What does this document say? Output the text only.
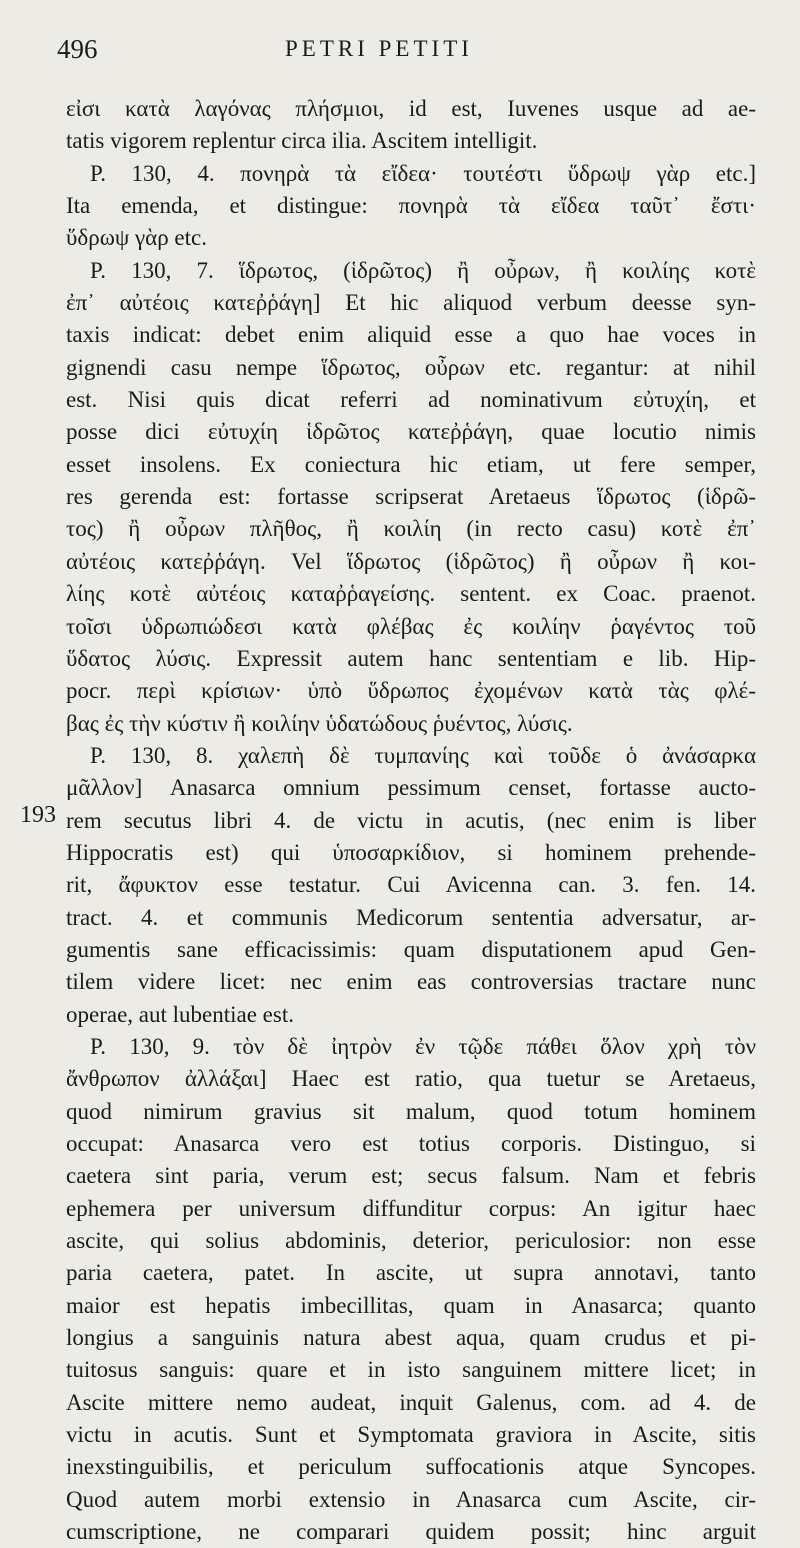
496	PETRI PETITI
193
εἰσι κατὰ λαγόνας πλήσμιοι, id est, Iuvenes usque ad ae-
tatis vigorem replentur circa ilia. Ascitem intelligit.
P. 130, 4. πονηρὰ τὰ εἴδεα· τουτέστι ὕδρωψ γὰρ etc.]
Ita emenda, et distingue: πονηρὰ τὰ εἴδεα ταῦτ᾽ ἔστι·
ὕδρωψ γὰρ etc.
P. 130, 7. ἵδρωτος, (ἱδρῶτος) ἢ οὖρων, ἢ κοιλίης κοτὲ
ἐπ᾽ αὐτέοις κατεῤῥάγη] Et hic aliquod verbum deesse syn-
taxis indicat: debet enim aliquid esse a quo hae voces in
gignendi casu nempe ἵδρωτος, οὖρων etc. regantur: at nihil
est. Nisi quis dicat referri ad nominativum εὐτυχίη, et
posse dici εὐτυχίη ἱδρῶτος κατεῤῥάγη, quae locutio nimis
esset insolens. Ex coniectura hic etiam, ut fere semper,
res gerenda est: fortasse scripserat Aretaeus ἵδρωτος (ἱδρῶ-
τος) ἢ οὖρων πλῆθος, ἢ κοιλίη (in recto casu) κοτὲ ἐπ᾽
αὐτέοις κατεῤῥάγη. Vel ἵδρωτος (ἱδρῶτος) ἢ οὖρων ἢ κοι-
λίης κοτὲ αὐτέοις καταῤῥαγείσης. sentent. ex Coac. praenot.
τοῖσι ὑδρωπιώδεσι κατὰ φλέβας ἐς κοιλίην ῥαγέντος τοῦ
ὕδατος λύσις. Expressit autem hanc sententiam e lib. Hip-
pocr. περὶ κρίσιων· ὑπὸ ὕδρωπος ἐχομένων κατὰ τὰς φλέ-
βας ἐς τὴν κύστιν ἢ κοιλίην ὑδατώδους ῥυέντος, λύσις.
P. 130, 8. χαλεπὴ δὲ τυμπανίης καὶ τοῦδε ὁ ἀνάσαρκα
μᾶλλον] Anasarca omnium pessimum censet, fortasse aucto-
rem secutus libri 4. de victu in acutis, (nec enim is liber
Hippocratis est) qui ὑποσαρκίδιον, si hominem prehende-
rit, ἄφυκτον esse testatur. Cui Avicenna can. 3. fen. 14.
tract. 4. et communis Medicorum sententia adversatur, ar-
gumentis sane efficacissimis: quam disputationem apud Gen-
tilem videre licet: nec enim eas controversias tractare nunc
operae, aut lubentiae est.
P. 130, 9. τὸν δὲ ἰητρὸν ἐν τῷδε πάθει ὅλον χρὴ τὸν
ἄνθρωπον ἀλλάξαι] Haec est ratio, qua tuetur se Aretaeus,
quod nimirum gravius sit malum, quod totum hominem
occupat: Anasarca vero est totius corporis. Distinguo, si
caetera sint paria, verum est; secus falsum. Nam et febris
ephemera per universum diffunditur corpus: An igitur haec
ascite, qui solius abdominis, deterior, periculosior: non esse
paria caetera, patet. In ascite, ut supra annotavi, tanto
maior est hepatis imbecillitas, quam in Anasarca; quanto
longius a sanguinis natura abest aqua, quam crudus et pi-
tuitosus sanguis: quare et in isto sanguinem mittere licet; in
Ascite mittere nemo audeat, inquit Galenus, com. ad 4. de
victu in acutis. Sunt et Symptomata graviora in Ascite, sitis
inexstinguibilis, et periculum suffocationis atque Syncopes.
Quod autem morbi extensio in Anasarca cum Ascite, cir-
cumscriptione, ne comparari quidem possit; hinc arguit
